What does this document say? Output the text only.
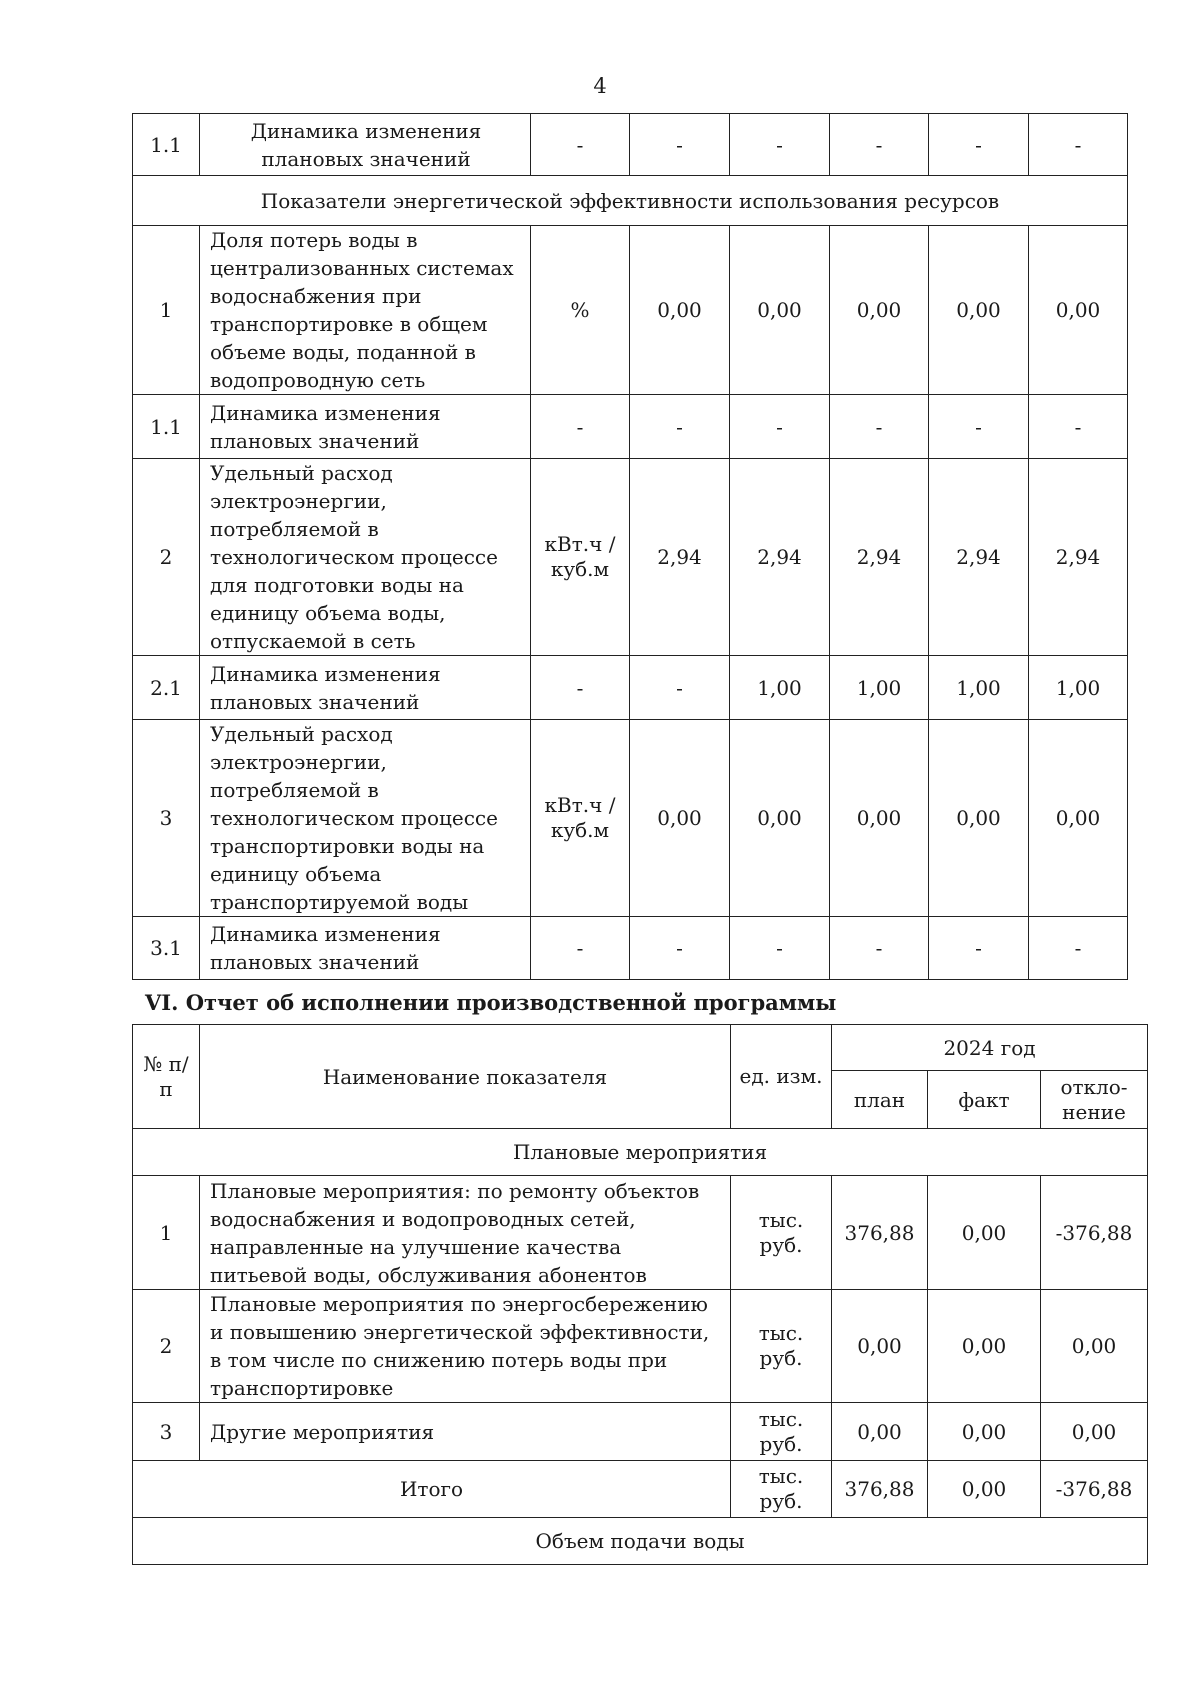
4
1.1	Динамика изменения плановых значений	-	-	-	-	-	-
Показатели энергетической эффективности использования ресурсов							
1	Доля потерь воды в централизованных системах водоснабжения при транспортировке в общем объеме воды, поданной в водопроводную сеть	%	0,00	0,00	0,00	0,00	0,00
1.1	Динамика изменения плановых значений	-	-	-	-	-	-
2	Удельный расход электроэнергии, потребляемой в технологическом процессе для подготовки воды на единицу объема воды, отпускаемой в сеть	кВт.ч / куб.м	2,94	2,94	2,94	2,94	2,94
2.1	Динамика изменения плановых значений	-	-	1,00	1,00	1,00	1,00
3	Удельный расход электроэнергии, потребляемой в технологическом процессе транспортировки воды на единицу объема транспортируемой воды	кВт.ч / куб.м	0,00	0,00	0,00	0,00	0,00
3.1	Динамика изменения плановых значений	-	-	-	-	-	-
VI. Отчет об исполнении производственной программы
№ п/п	Наименование показателя	ед. изм.	2024 год		
			план	факт	откло-нение
Плановые мероприятия					
1	Плановые мероприятия: по ремонту объектов водоснабжения и водопроводных сетей, направленные на улучшение качества питьевой воды, обслуживания абонентов	тыс. руб.	376,88	0,00	-376,88
2	Плановые мероприятия по энергосбережению и повышению энергетической эффективности, в том числе по снижению потерь воды при транспортировке	тыс. руб.	0,00	0,00	0,00
3	Другие мероприятия	тыс. руб.	0,00	0,00	0,00
Итого		тыс. руб.	376,88	0,00	-376,88
Объем подачи воды					
